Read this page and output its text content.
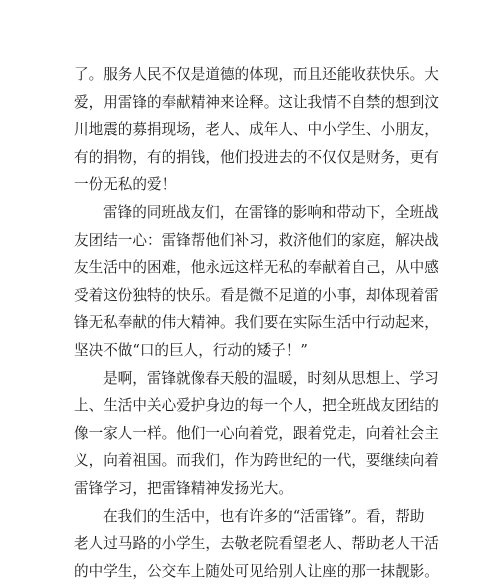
了。服务人民不仅是道德的体现，而且还能收获快乐。大
爱，用雷锋的奉献精神来诠释。这让我情不自禁的想到汶
川地震的募捐现场，老人、成年人、中小学生、小朋友，
有的捐物，有的捐钱，他们投进去的不仅仅是财务，更有
一份无私的爱！
雷锋的同班战友们，在雷锋的影响和带动下，全班战
友团结一心：雷锋帮他们补习，救济他们的家庭，解决战
友生活中的困难，他永远这样无私的奉献着自己，从中感
受着这份独特的快乐。看是微不足道的小事，却体现着雷
锋无私奉献的伟大精神。我们要在实际生活中行动起来，
坚决不做“口的巨人，行动的矮子！”
是啊，雷锋就像春天般的温暖，时刻从思想上、学习
上、生活中关心爱护身边的每一个人，把全班战友团结的
像一家人一样。他们一心向着党，跟着党走，向着社会主
义，向着祖国。而我们，作为跨世纪的一代，要继续向着
雷锋学习，把雷锋精神发扬光大。
在我们的生活中，也有许多的“活雷锋”。看，帮助
老人过马路的小学生，去敬老院看望老人、帮助老人干活
的中学生，公交车上随处可见给别人让座的那一抹靓影。
